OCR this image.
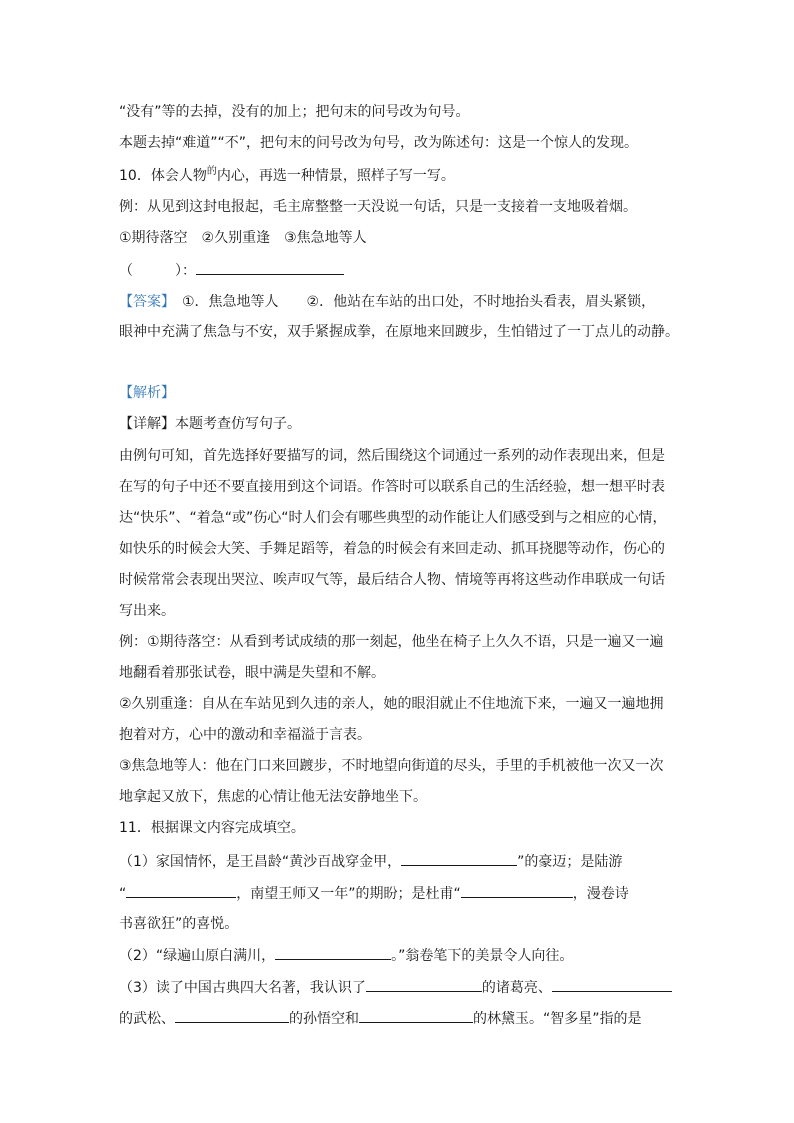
“没有”等的去掉，没有的加上；把句末的问号改为句号。
本题去掉“难道”“不”，把句末的问号改为句号，改为陈述句：这是一个惊人的发现。
10．体会人物$^的$内心，再选一种情景，照样子写一写。
例：从见到这封电报起，毛主席整整一天没说一句话，只是一支接着一支地吸着烟。
①期待落空　②久别重逢　③焦急地等人
（　　　）：
【答案】　①．焦急地等人　　②．他站在车站的出口处，不时地抬头看表，眉头紧锁，
眼神中充满了焦急与不安，双手紧握成拳，在原地来回踱步，生怕错过了一丁点儿的动静。
【解析】
【详解】本题考查仿写句子。
由例句可知，首先选择好要描写的词，然后围绕这个词通过一系列的动作表现出来，但是
在写的句子中还不要直接用到这个词语。作答时可以联系自己的生活经验，想一想平时表
达“快乐”、“着急“或”伤心“时人们会有哪些典型的动作能让人们感受到与之相应的心情，
如快乐的时候会大笑、手舞足蹈等，着急的时候会有来回走动、抓耳挠腮等动作，伤心的
时候常常会表现出哭泣、唉声叹气等，最后结合人物、情境等再将这些动作串联成一句话
写出来。
例：①期待落空：从看到考试成绩的那一刻起，他坐在椅子上久久不语，只是一遍又一遍
地翻看着那张试卷，眼中满是失望和不解。
②久别重逢：自从在车站见到久违的亲人，她的眼泪就止不住地流下来，一遍又一遍地拥
抱着对方，心中的激动和幸福溢于言表。
③焦急地等人：他在门口来回踱步，不时地望向街道的尽头，手里的手机被他一次又一次
地拿起又放下，焦虑的心情让他无法安静地坐下。
11．根据课文内容完成填空。
（1）家国情怀，是王昌龄“黄沙百战穿金甲，	”的豪迈；是陆游
“	，南望王师又一年”的期盼；是杜甫“	，漫卷诗
书喜欲狂”的喜悦。
（2）“绿遍山原白满川，	。”翁卷笔下的美景令人向往。
（3）读了中国古典四大名著，我认识了	的诸葛亮、
的武松、	的孙悟空和	的林黛玉。“智多星”指的是
